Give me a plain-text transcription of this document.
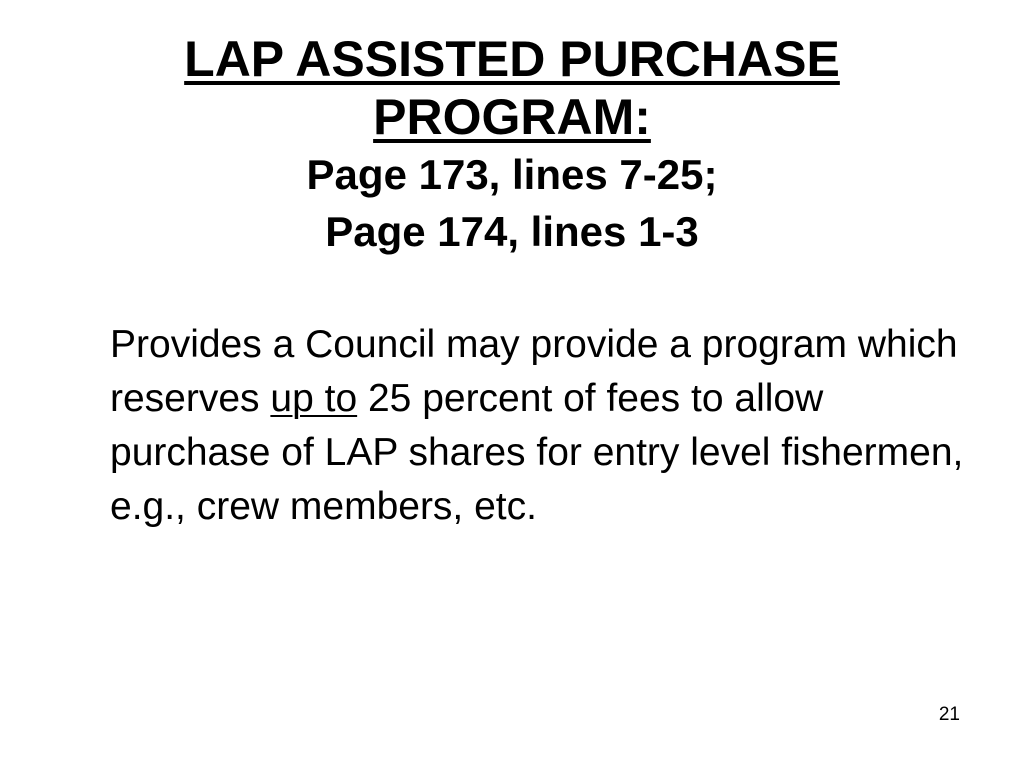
LAP ASSISTED PURCHASE

PROGRAM:

Page 173, lines 7-25;

Page 174, lines 1-3

Provides a Council may provide a program which reserves up to 25 percent of fees to allow purchase of LAP shares for entry level fishermen, e.g., crew members, etc.

21
